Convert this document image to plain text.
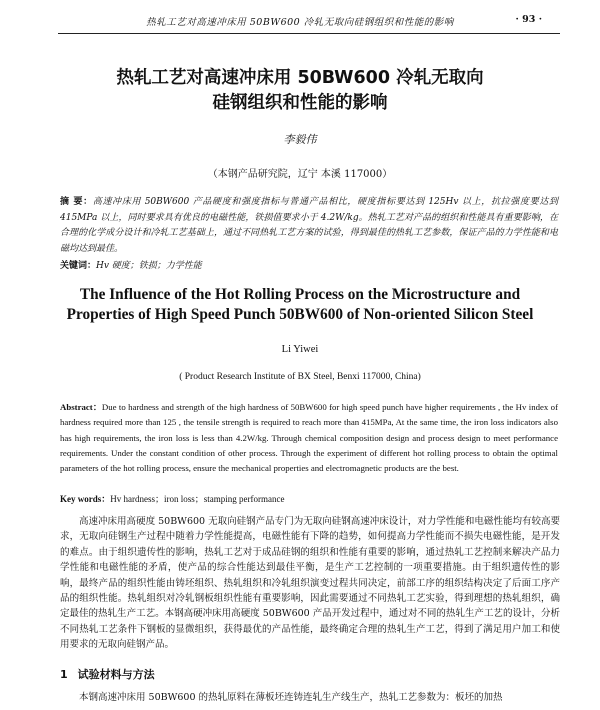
热轧工艺对高速冲床用 50BW600 冷轧无取向硅钢组织和性能的影响	· 93 ·
热轧工艺对高速冲床用 50BW600 冷轧无取向
硅钢组织和性能的影响
李毅伟
（本钢产品研究院，辽宁 本溪 117000）
摘 要：高速冲床用 50BW600 产品硬度和强度指标与普通产品相比，硬度指标要达到 125Hv 以上，抗拉强度要达到 415MPa 以上，同时要求具有优良的电磁性能，铁损值要求小于 4.2W/kg。热轧工艺对产品的组织和性能具有重要影响，在合理的化学成分设计和冷轧工艺基础上，通过不同热轧工艺方案的试验，得到最佳的热轧工艺参数，保证产品的力学性能和电磁均达到最佳。
关键词：Hv 硬度；铁损；力学性能
The Influence of the Hot Rolling Process on the Microstructure and
Properties of High Speed Punch 50BW600 of Non-oriented Silicon Steel
Li Yiwei
( Product Research Institute of BX Steel, Benxi 117000, China)
Abstract：Due to hardness and strength of the high hardness of 50BW600 for high speed punch have higher requirements , the Hv index of hardness required more than 125 , the tensile strength is required to reach more than 415MPa, At the same time, the iron loss indicators also has high requirements, the iron loss is less than 4.2W/kg. Through chemical composition design and process design to meet performance requirements. Under the constant condition of other process. Through the experiment of different hot rolling process to obtain the optimal parameters of the hot rolling process, ensure the mechanical properties and electromagnetic products are the best.
Key words：Hv hardness；iron loss；stamping performance
高速冲床用高硬度 50BW600 无取向硅钢产品专门为无取向硅钢高速冲床设计，对力学性能和电磁性能均有较高要求，无取向硅钢生产过程中随着力学性能提高，电磁性能有下降的趋势，如何提高力学性能而不损失电磁性能，是开发的难点。由于组织遗传性的影响，热轧工艺对于成品硅钢的组织和性能有重要的影响，通过热轧工艺控制来解决产品力学性能和电磁性能的矛盾，使产品的综合性能达到最佳平衡，是生产工艺控制的一项重要措施。由于组织遗传性的影响，最终产品的组织性能由铸坯组织、热轧组织和冷轧组织演变过程共同决定，前部工序的组织结构决定了后面工序产品的组织性能。热轧组织对冷轧钢板组织性能有重要影响，因此需要通过不同热轧工艺实验，得到理想的热轧组织，确定最佳的热轧生产工艺。本钢高硬冲床用高硬度 50BW600 产品开发过程中，通过对不同的热轧生产工艺的设计，分析不同热轧工艺条件下钢板的显微组织，获得最优的产品性能，最终确定合理的热轧生产工艺，得到了满足用户加工和使用要求的无取向硅钢产品。
1 试验材料与方法
本钢高速冲床用 50BW600 的热轧原料在薄板坯连铸连轧生产线生产，热轧工艺参数为：板坯的加热
